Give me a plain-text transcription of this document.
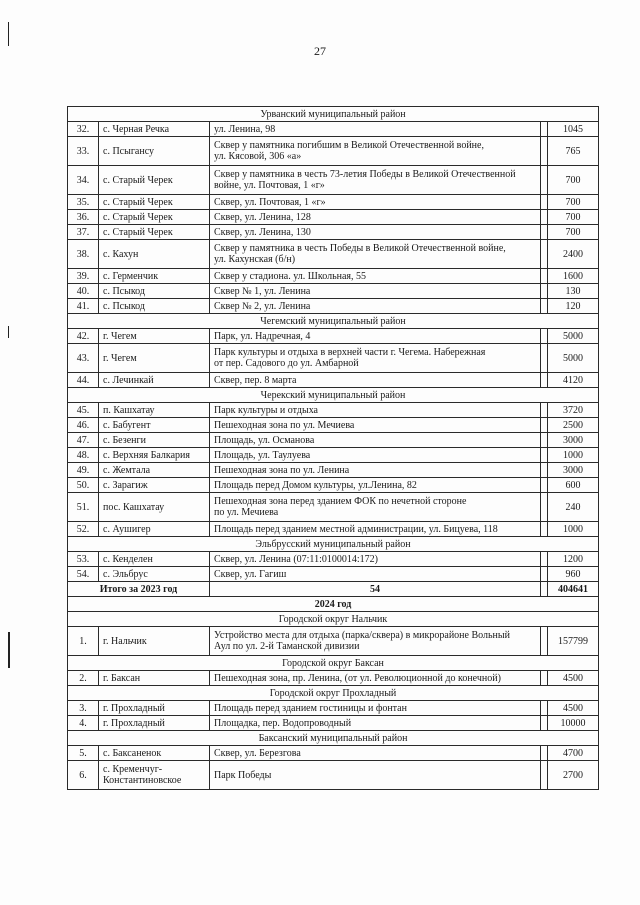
27
Урванский муниципальный район				
32.	с. Черная Речка	ул. Ленина, 98		1045
33.	с. Псыгансу	Сквер у памятника погибшим в Великой Отечественной войне,
ул. Кясовой, 306 «а»		765
34.	с. Старый Черек	Сквер у памятника в честь 73-летия Победы в Великой Отечественной
войне, ул. Почтовая, 1 «г»		700
35.	с. Старый Черек	Сквер, ул. Почтовая, 1 «г»		700
36.	с. Старый Черек	Сквер, ул. Ленина, 128		700
37.	с. Старый Черек	Сквер, ул. Ленина, 130		700
38.	с. Кахун	Сквер у памятника в честь Победы в Великой Отечественной войне,
ул. Кахунская (б/н)		2400
39.	с. Герменчик	Сквер у стадиона. ул. Школьная, 55		1600
40.	с. Псыкод	Сквер № 1, ул. Ленина		130
41.	с. Псыкод	Сквер № 2, ул. Ленина		120
Чегемский муниципальный район				
42.	г. Чегем	Парк, ул. Надречная, 4		5000
43.	г. Чегем	Парк культуры и отдыха в верхней части г. Чегема. Набережная
от пер. Садового до ул. Амбарной		5000
44.	с. Лечинкай	Сквер, пер. 8 марта		4120
Черекский муниципальный район				
45.	п. Кашхатау	Парк культуры и отдыха		3720
46.	с. Бабугент	Пешеходная зона по ул. Мечиева		2500
47.	с. Безенги	Площадь, ул. Османова		3000
48.	с. Верхняя Балкария	Площадь, ул. Таулуева		1000
49.	с. Жемтала	Пешеходная зона по ул. Ленина		3000
50.	с. Зарагиж	Площадь перед Домом культуры, ул.Ленина, 82		600
51.	пос. Кашхатау	Пешеходная зона перед зданием ФОК по нечетной стороне
по ул. Мечиева		240
52.	с. Аушигер	Площадь перед зданием местной администрации, ул. Бицуева, 118		1000
Эльбрусский муниципальный район				
53.	с. Кенделен	Сквер, ул. Ленина (07:11:0100014:172)		1200
54.	с. Эльбрус	Сквер, ул. Гагиш		960
Итого за 2023 год		54		404641
2024 год				
Городской округ Нальчик				
1.	г. Нальчик	Устройство места для отдыха (парка/сквера) в микрорайоне Вольный
Аул по ул. 2-й Таманской дивизии		157799
Городской округ Баксан				
2.	г. Баксан	Пешеходная зона, пр. Ленина, (от ул. Революционной до конечной)		4500
Городской округ Прохладный				
3.	г. Прохладный	Площадь перед зданием гостиницы и фонтан		4500
4.	г. Прохладный	Площадка, пер. Водопроводный		10000
Баксанский муниципальный район				
5.	с. Баксаненок	Сквер, ул. Березгова		4700
6.	с. Кременчуг-
Константиновское	Парк Победы		2700
